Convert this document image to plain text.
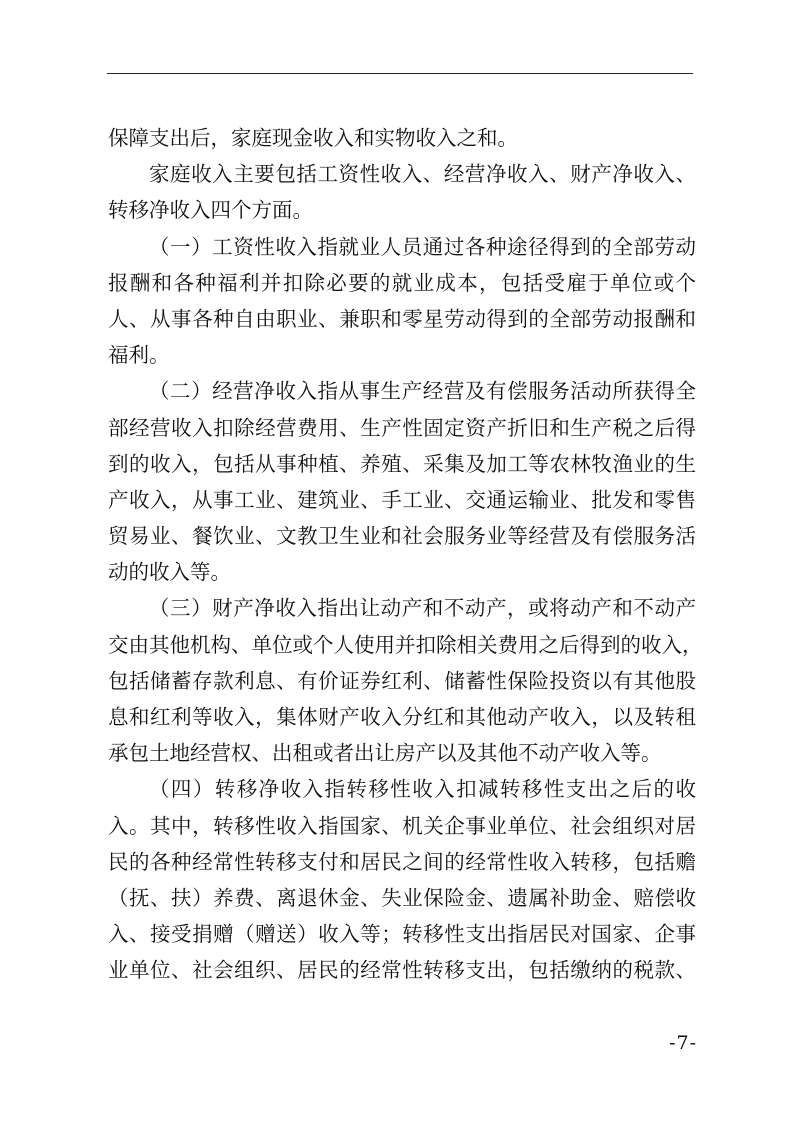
保障支出后，家庭现金收入和实物收入之和。
家庭收入主要包括工资性收入、经营净收入、财产净收入、
转移净收入四个方面。
（一）工资性收入指就业人员通过各种途径得到的全部劳动
报酬和各种福利并扣除必要的就业成本，包括受雇于单位或个
人、从事各种自由职业、兼职和零星劳动得到的全部劳动报酬和
福利。
（二）经营净收入指从事生产经营及有偿服务活动所获得全
部经营收入扣除经营费用、生产性固定资产折旧和生产税之后得
到的收入，包括从事种植、养殖、采集及加工等农林牧渔业的生
产收入，从事工业、建筑业、手工业、交通运输业、批发和零售
贸易业、餐饮业、文教卫生业和社会服务业等经营及有偿服务活
动的收入等。
（三）财产净收入指出让动产和不动产，或将动产和不动产
交由其他机构、单位或个人使用并扣除相关费用之后得到的收入，
包括储蓄存款利息、有价证券红利、储蓄性保险投资以有其他股
息和红利等收入，集体财产收入分红和其他动产收入，以及转租
承包土地经营权、出租或者出让房产以及其他不动产收入等。
（四）转移净收入指转移性收入扣减转移性支出之后的收
入。其中，转移性收入指国家、机关企事业单位、社会组织对居
民的各种经常性转移支付和居民之间的经常性收入转移，包括赡
（抚、扶）养费、离退休金、失业保险金、遗属补助金、赔偿收
入、接受捐赠（赠送）收入等；转移性支出指居民对国家、企事
业单位、社会组织、居民的经常性转移支出，包括缴纳的税款、
-7-
